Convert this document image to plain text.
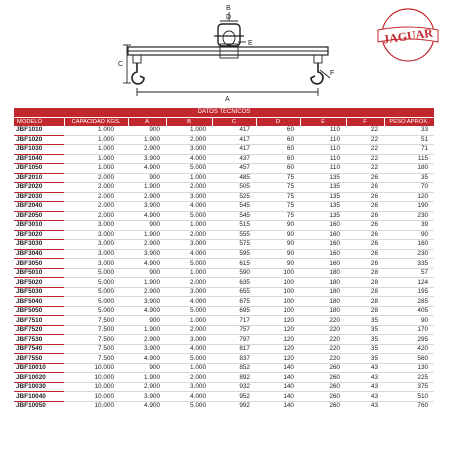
B
D
E
C
F
A
JAGUAR
DATOS TÉCNICOS								
MODELO	CAPACIDAD KGS.	A	B	C	D	E	F	PESO APROX.
JBF1010	1.000	900	1.000	417	60	110	22	33
JBF1020	1.000	1.900	2.000	417	60	110	22	51
JBF1030	1.000	2.900	3.000	417	60	110	22	71
JBF1040	1.000	3.900	4.000	437	60	110	22	115
JBF1050	1.000	4.900	5.000	457	60	110	22	180
JBF2010	2.000	900	1.000	485	75	135	26	35
JBF2020	2.000	1.900	2.000	505	75	135	26	70
JBF2030	2.000	2.900	3.000	525	75	135	26	120
JBF2040	2.000	3.900	4.000	545	75	135	26	190
JBF2050	2.000	4.900	5.000	545	75	135	26	230
JBF3010	3.000	900	1.000	515	90	160	26	39
JBF3020	3.000	1.900	2.000	555	90	160	26	90
JBF3030	3.000	2.900	3.000	575	90	160	26	160
JBF3040	3.000	3.900	4.000	595	90	160	26	230
JBF3050	3.000	4.900	5.000	615	90	160	26	335
JBF5010	5.000	900	1.000	590	100	180	28	57
JBF5020	5.000	1.900	2.000	635	100	180	28	124
JBF5030	5.000	2.900	3.000	655	100	180	28	195
JBF5040	5.000	3.900	4.000	675	100	180	28	285
JBF5050	5.000	4.900	5.000	695	100	180	28	405
JBF7510	7.500	900	1.000	717	120	220	35	90
JBF7520	7.500	1.900	2.000	757	120	220	35	170
JBF7530	7.500	2.900	3.000	797	120	220	35	295
JBF7540	7.500	3.900	4.000	817	120	220	35	420
JBF7550	7.500	4.900	5.000	837	120	220	35	560
JBF10010	10.000	900	1.000	852	140	260	43	130
JBF10020	10.000	1.900	2.000	892	140	260	43	225
JBF10030	10.000	2.900	3.000	932	140	260	43	375
JBF10040	10.000	3.900	4.000	952	140	260	43	510
JBF10050	10.000	4.900	5.000	992	140	260	43	760
